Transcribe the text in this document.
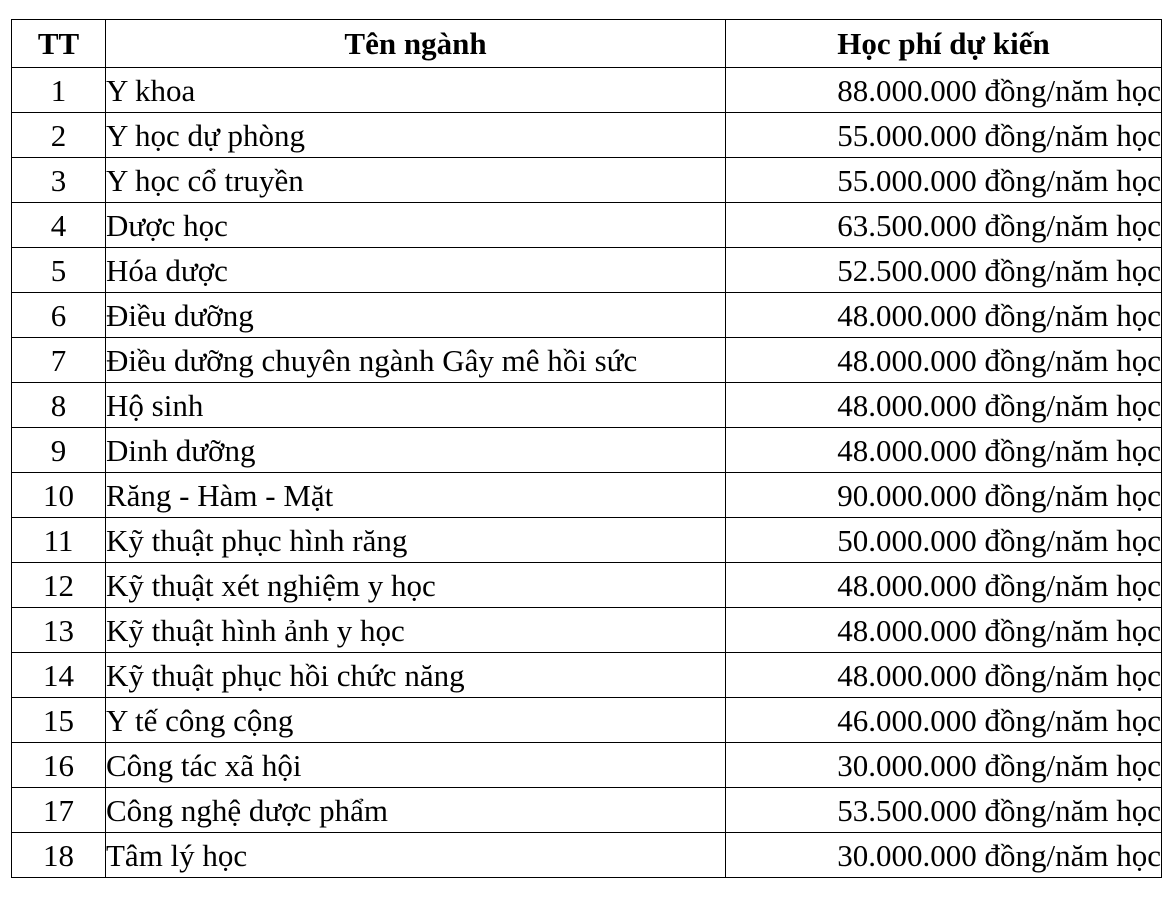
TT	Tên ngành	Học phí dự kiến
1	Y khoa	88.000.000 đồng/năm học
2	Y học dự phòng	55.000.000 đồng/năm học
3	Y học cổ truyền	55.000.000 đồng/năm học
4	Dược học	63.500.000 đồng/năm học
5	Hóa dược	52.500.000 đồng/năm học
6	Điều dưỡng	48.000.000 đồng/năm học
7	Điều dưỡng chuyên ngành Gây mê hồi sức	48.000.000 đồng/năm học
8	Hộ sinh	48.000.000 đồng/năm học
9	Dinh dưỡng	48.000.000 đồng/năm học
10	Răng - Hàm - Mặt	90.000.000 đồng/năm học
11	Kỹ thuật phục hình răng	50.000.000 đồng/năm học
12	Kỹ thuật xét nghiệm y học	48.000.000 đồng/năm học
13	Kỹ thuật hình ảnh y học	48.000.000 đồng/năm học
14	Kỹ thuật phục hồi chức năng	48.000.000 đồng/năm học
15	Y tế công cộng	46.000.000 đồng/năm học
16	Công tác xã hội	30.000.000 đồng/năm học
17	Công nghệ dược phẩm	53.500.000 đồng/năm học
18	Tâm lý học	30.000.000 đồng/năm học
